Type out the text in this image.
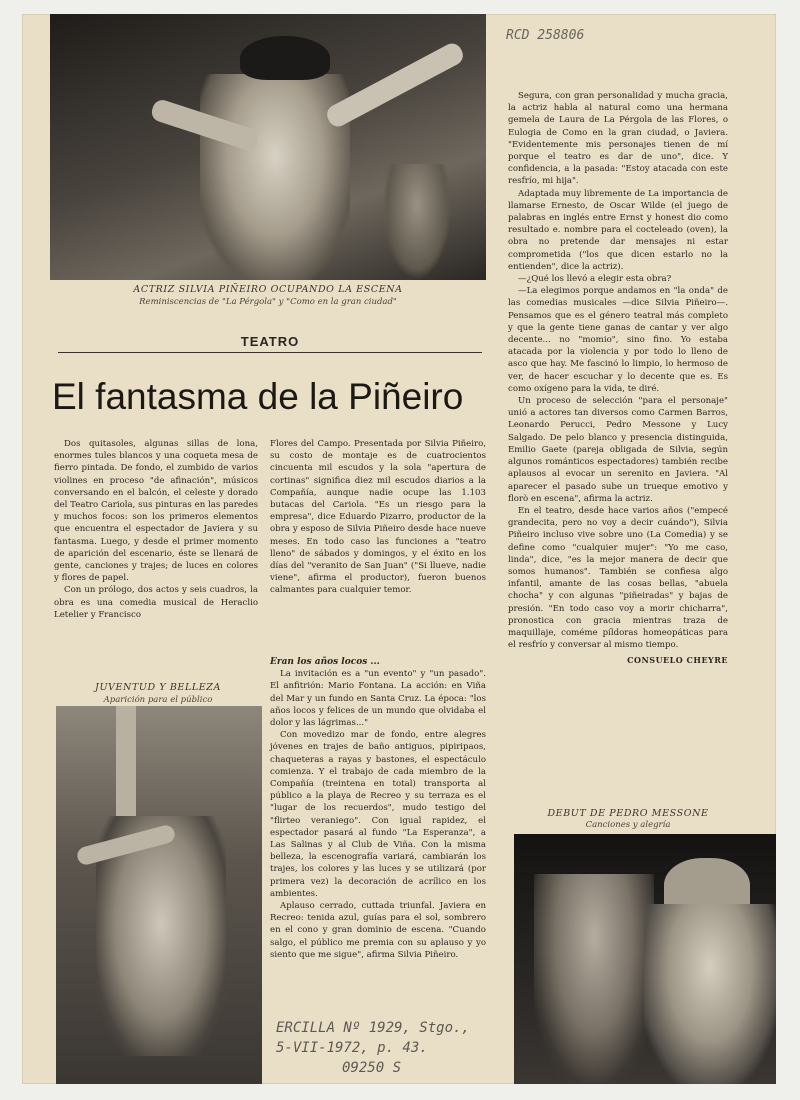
ACTRIZ SILVIA PIÑEIRO OCUPANDO LA ESCENA
Reminiscencias de "La Pérgola" y "Como en la gran ciudad"
TEATRO
El fantasma de la Piñeiro

Dos quitasoles, algunas sillas de lona, enormes tules blancos y una coqueta mesa de fierro pintada. De fondo, el zumbido de varios violines en proceso "de afinación", músicos conversando en el balcón, el celeste y dorado del Teatro Cariola, sus pinturas en las paredes y muchos focos: son los primeros elementos que encuentra el espectador de Javiera y su fantasma. Luego, y desde el primer momento de aparición del escenario, éste se llenará de gente, canciones y trajes; de luces en colores y flores de papel.

Con un prólogo, dos actos y seis cuadros, la obra es una comedia musical de Heraclio Letelier y Francisco

Flores del Campo. Presentada por Silvia Piñeiro, su costo de montaje es de cuatrocientos cincuenta mil escudos y la sola "apertura de cortinas" significa diez mil escudos diarios a la Compañía, aunque nadie ocupe las 1.103 butacas del Cariola. "Es un riesgo para la empresa", dice Eduardo Pizarro, productor de la obra y esposo de Silvia Piñeiro desde hace nueve meses. En todo caso las funciones a "teatro lleno" de sábados y domingos, y el éxito en los días del "veranito de San Juan" ("Si llueve, nadie viene", afirma el productor), fueron buenos calmantes para cualquier temor.

Eran los años locos ...

La invitación es a "un evento" y "un pasado". El anfitrión: Mario Fontana. La acción: en Viña del Mar y un fundo en Santa Cruz. La época: "los años locos y felices de un mundo que olvidaba el dolor y las lágrimas..."

Con movedizo mar de fondo, entre alegres jóvenes en trajes de baño antiguos, pipiripaos, chaqueteras a rayas y bastones, el espectáculo comienza. Y el trabajo de cada miembro de la Compañía (treintena en total) transporta al público a la playa de Recreo y su terraza es el "lugar de los recuerdos", mudo testigo del "flirteo veraniego". Con igual rapidez, el espectador pasará al fundo "La Esperanza", a Las Salinas y al Club de Viña. Con la misma belleza, la escenografía variará, cambiarán los trajes, los colores y las luces y se utilizará (por primera vez) la decoración de acrílico en los ambientes.

Aplauso cerrado, cuttada triunfal. Javiera en Recreo: tenida azul, guías para el sol, sombrero en el cono y gran dominio de escena. "Cuando salgo, el público me premia con su aplauso y yo siento que me sigue", afirma Silvia Piñeiro.

JUVENTUD Y BELLEZA
Aparición para el público
RCD 258806

Segura, con gran personalidad y mucha gracia, la actriz habla al natural como una hermana gemela de Laura de La Pérgola de las Flores, o Eulogia de Como en la gran ciudad, o Javiera. "Evidentemente mis personajes tienen de mí porque el teatro es dar de uno", dice. Y confidencia, a la pasada: "Estoy atacada con este resfrío, mi hija".

Adaptada muy libremente de La importancia de llamarse Ernesto, de Oscar Wilde (el juego de palabras en inglés entre Ernst y honest dio como resultado e. nombre para el cocteleado (oven), la obra no pretende dar mensajes ni estar comprometida ("los que dicen estarlo no la entienden", dice la actriz).

—¿Qué los llevó a elegir esta obra?

—La elegimos porque andamos en "la onda" de las comedias musicales —dice Silvia Piñeiro—. Pensamos que es el género teatral más completo y que la gente tiene ganas de cantar y ver algo decente... no "momio", sino fino. Yo estaba atacada por la violencia y por todo lo lleno de asco que hay. Me fascinó lo limpio, lo hermoso de ver, de hacer escuchar y lo decente que es. Es como oxígeno para la vida, te diré.

Un proceso de selección "para el personaje" unió a actores tan diversos como Carmen Barros, Leonardo Perucci, Pedro Messone y Lucy Salgado. De pelo blanco y presencia distinguida, Emilio Gaete (pareja obligada de Silvia, según algunos románticos espectadores) también recibe aplausos al evocar un serenito en Javiera. "Al aparecer el pasado sube un trueque emotivo y florò en escena", afirma la actriz.

En el teatro, desde hace varios años ("empecé grandecita, pero no voy a decir cuándo"), Silvia Piñeiro incluso vive sobre uno (La Comedia) y se define como "cualquier mujer": "Yo me caso, linda", dice, "es la mejor manera de decir que somos humanos". También se confiesa algo infantil, amante de las cosas bellas, "abuela chocha" y con algunas "piñeiradas" y bajas de presión. "En todo caso voy a morir chicharra", pronostica con gracia mientras traza de maquillaje, coméme píldoras homeopáticas para el resfrío y conversar al mismo tiempo.

CONSUELO CHEYRE

DEBUT DE PEDRO MESSONE
Canciones y alegría
ERCILLA Nº 1929, Stgo.,
5-VII-1972, p. 43.
09250 S
